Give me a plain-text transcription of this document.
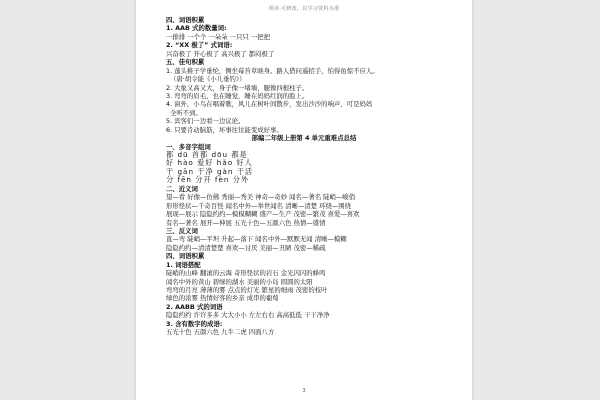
预读·可修改，以学习资料为准
四、词语积累
1. AAB 式的数量词:
一排排 一个个 一朵朵 一只只 一把把
2. “XX 极了” 式词语:
兴奋极了 开心极了 高兴极了 都闷极了
五、佳句积累
1. 蓬头稚子学垂纶，侧坐莓苔草映身。路人借问遥招手，怕得鱼惊不应人。
（唐·胡令能《小儿垂钓》）
2. 大象又高又大，身子像一堵墙，腿像四根柱子。
3. 弯弯的眉毛，也在睡觉，睡在妈妈红润的脸上。
4. 窗外，小鸟在唱着歌，风儿在树叶间散步，发出沙沙的响声，可是妈妈
全听不到。
5. 宾客们一边看一边议论。
6. 只要肯动脑筋，坏事往往能变成好事。
部编二年级上册第 4 单元重难点总结
一、多音字组词
都 dū 首都 dōu 都是
好 hào 爱好 hǎo 好人
干 gān 干净 gàn 干活
分 fēn 分开 fèn 分外
二、近义词
望—看 好像—仿佛 秀丽—秀美 神奇—奇妙 闻名—著名 陡峭—峻俏
形形怪状—千奇百怪 闻名中外—举世闻名 清晰—清楚 环绕—围绕
展现—展示 隐隐约约—模模糊糊 盛产—生产 茂密—繁茂 喜爱—喜欢
有名—著名 展开—伸展 五光十色—五颜六色 热情—盛情
三、反义词
直—弯 陡峭—平坦 升起—落下 闻名中外—默默无闻 清晰—模糊
隐隐约约—清清楚楚 喜欢—讨厌 美丽—丑陋 茂密—稀疏
四、词语积累
1. 词语搭配
陡峭的山峰 翻滚的云海 奇形怪状的岩石 金光闪闪的蜂鸣
闻名中外的黄山 碧绿的湖水 美丽的小岛 圆圆的太阳
弯弯的月亮 薄薄的雾 点点的灯光 繁星的细雨 茂密的枝叶
绿色的浓雾 热情好客的乡亲 成串的葡萄
2. AABB 式的词语
隐隐约约 许许多多 大大小小 左左右右 高高低低 干干净净
3. 含有数字的成语:
五光十色 五颜六色 九牛二虎 四面八方
3
